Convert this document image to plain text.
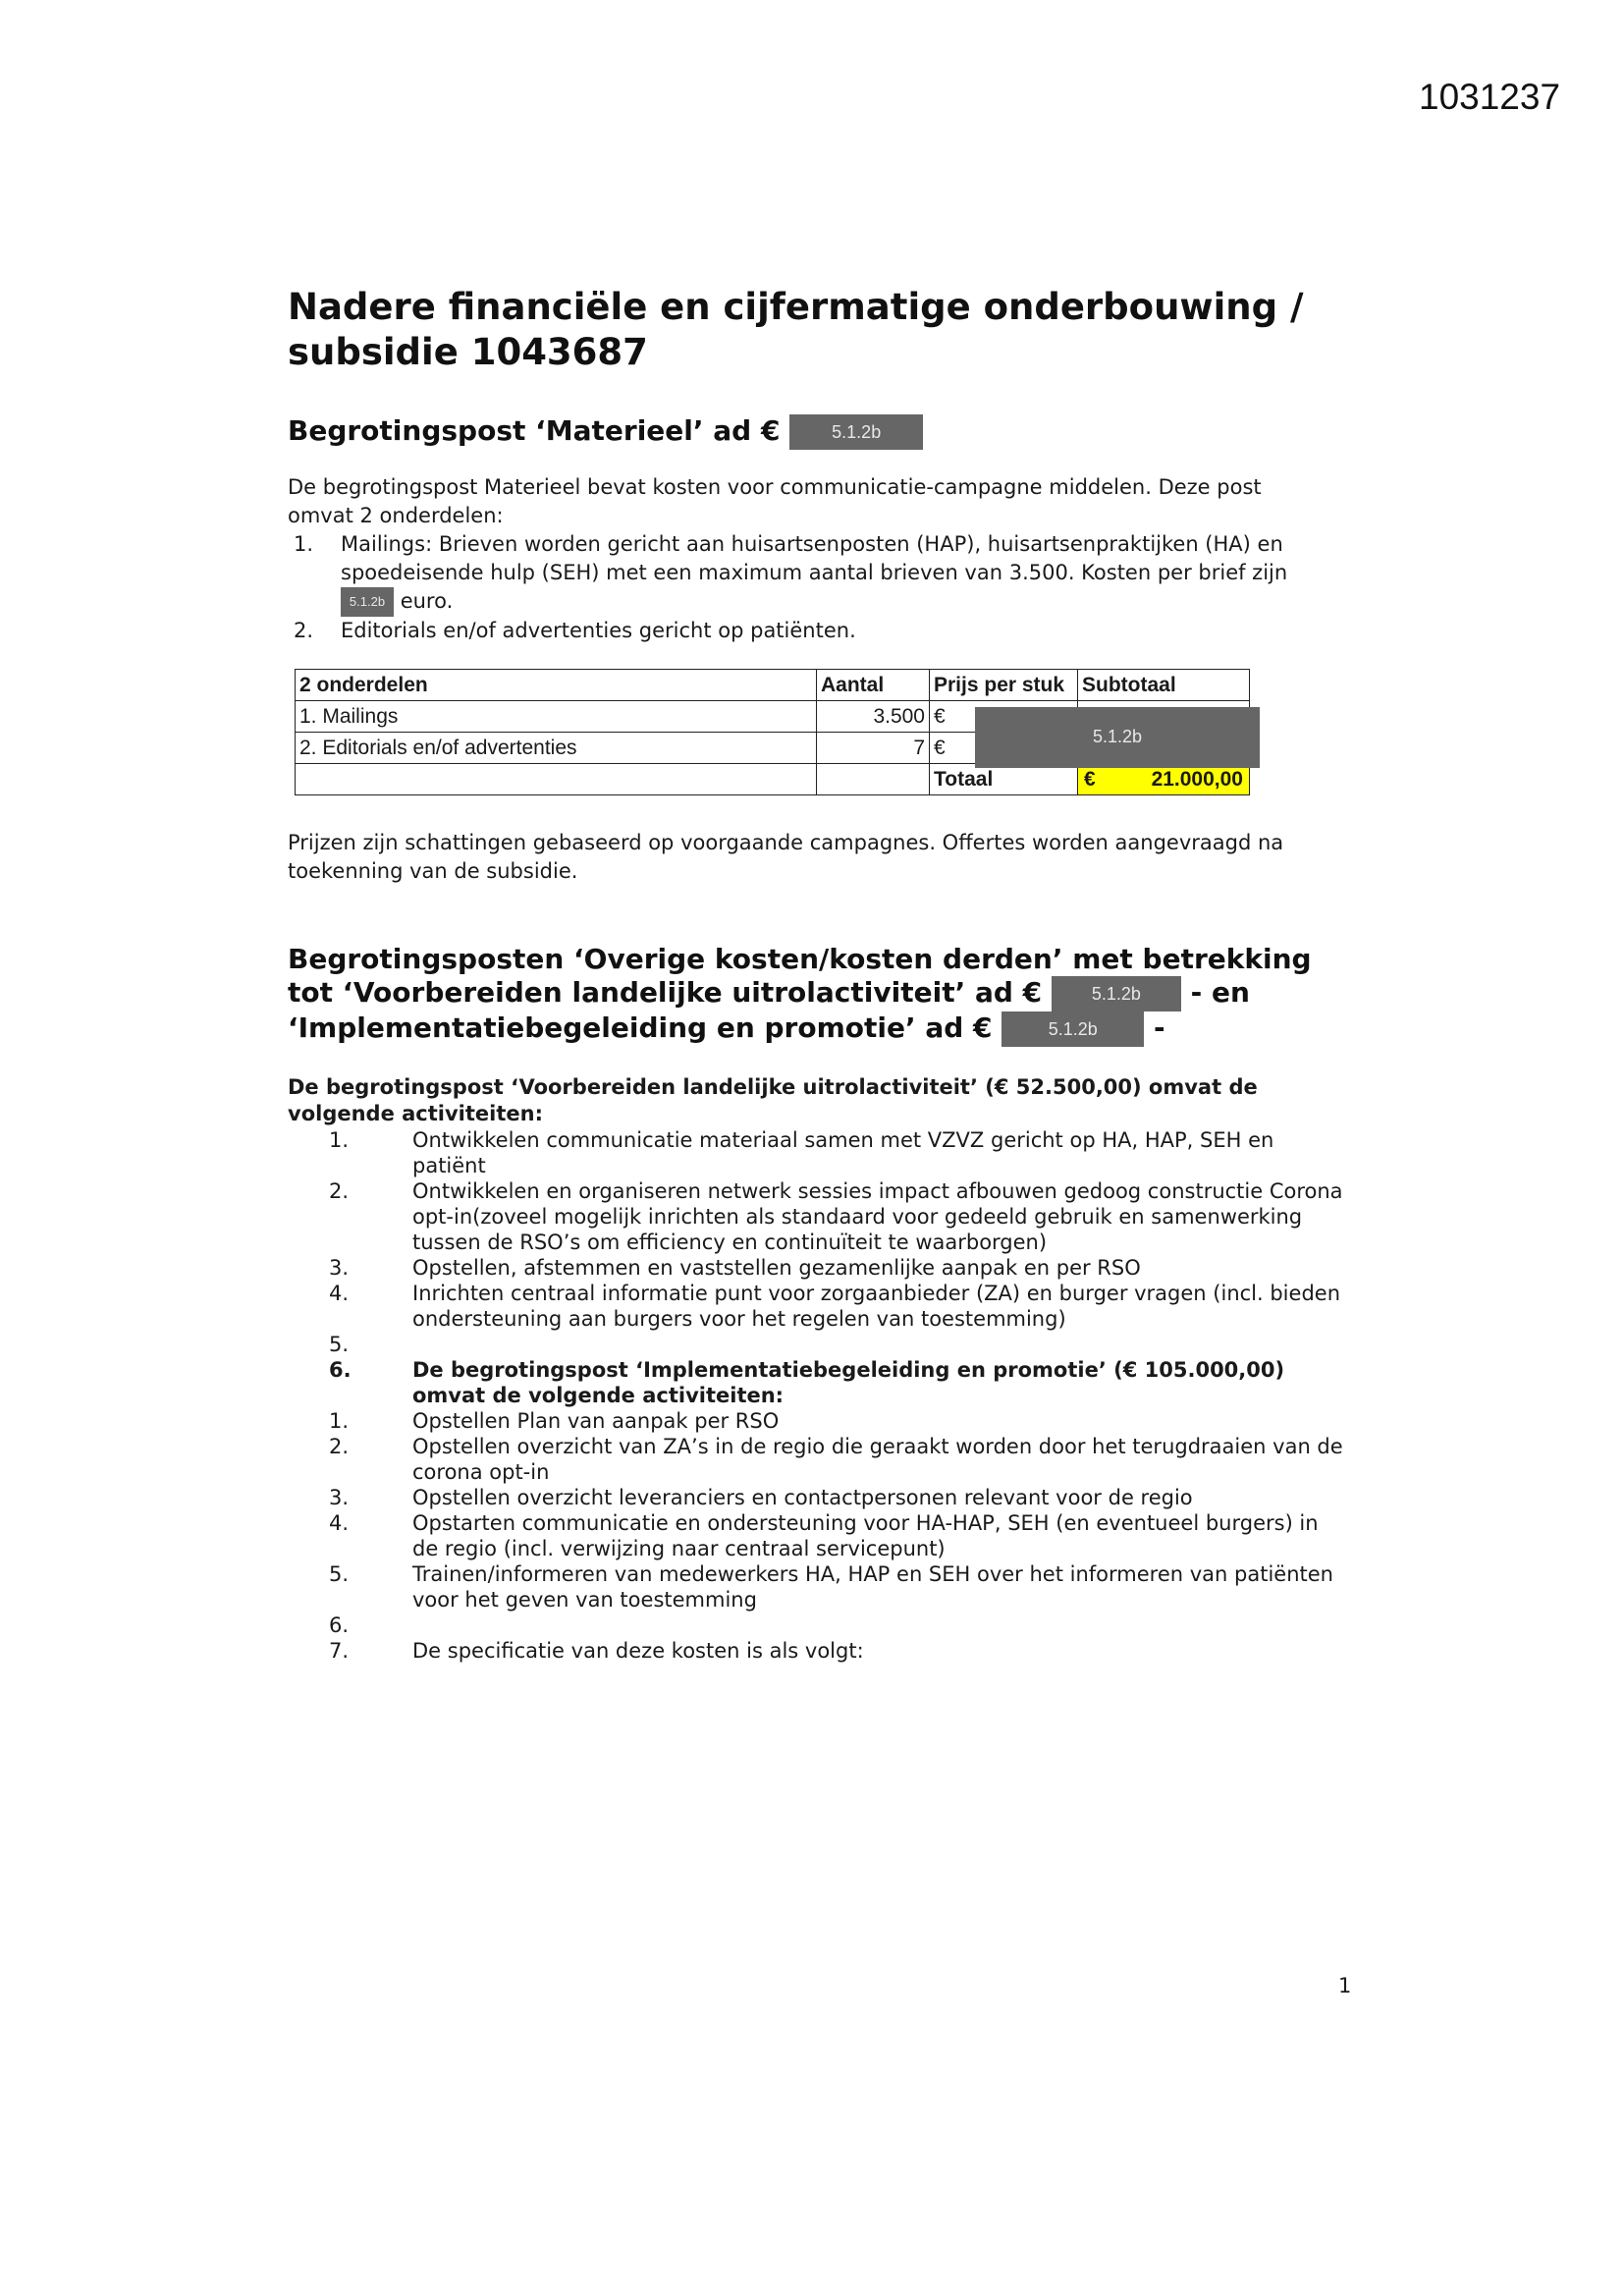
1031237
Nadere financiële en cijfermatige onderbouwing / subsidie 1043687
Begrotingspost ‘Materieel’ ad €	5.1.2b

De begrotingspost Materieel bevat kosten voor communicatie-campagne middelen. Deze post omvat 2 onderdelen:

1.	Mailings: Brieven worden gericht aan huisartsenposten (HAP), huisartsenpraktijken (HA) en spoedeisende hulp (SEH) met een maximum aantal brieven van 3.500. Kosten per brief zijn 5.1.2b euro.
2.	Editorials en/of advertenties gericht op patiënten.
2 onderdelen	Aantal	Prijs per stuk	Subtotaal
1. Mailings	3.500	€	
2. Editorials en/of advertenties	7	€	
		Totaal	€ 21.000,00
5.1.2b

Prijzen zijn schattingen gebaseerd op voorgaande campagnes. Offertes worden aangevraagd na toekenning van de subsidie.

Begrotingsposten ‘Overige kosten/kosten derden’ met betrekking tot ‘Voorbereiden landelijke uitrolactiviteit’ ad €	5.1.2b - en
‘Implementatiebegeleiding en promotie’ ad €	5.1.2b -

De begrotingspost ‘Voorbereiden landelijke uitrolactiviteit’ (€ 52.500,00) omvat de volgende activiteiten:

1.	Ontwikkelen communicatie materiaal samen met VZVZ gericht op HA, HAP, SEH en patiënt
2.	Ontwikkelen en organiseren netwerk sessies impact afbouwen gedoog constructie Corona opt-in(zoveel mogelijk inrichten als standaard voor gedeeld gebruik en samenwerking tussen de RSO’s om efficiency en continuïteit te waarborgen)
3.	Opstellen, afstemmen en vaststellen gezamenlijke aanpak en per RSO
4.	Inrichten centraal informatie punt voor zorgaanbieder (ZA) en burger vragen (incl. bieden ondersteuning aan burgers voor het regelen van toestemming)
5.
6.	De begrotingspost ‘Implementatiebegeleiding en promotie’ (€ 105.000,00) omvat de volgende activiteiten:
1.	Opstellen Plan van aanpak per RSO
2.	Opstellen overzicht van ZA’s in de regio die geraakt worden door het terugdraaien van de corona opt-in
3.	Opstellen overzicht leveranciers en contactpersonen relevant voor de regio
4.	Opstarten communicatie en ondersteuning voor HA-HAP, SEH (en eventueel burgers) in de regio (incl. verwijzing naar centraal servicepunt)
5.	Trainen/informeren van medewerkers HA, HAP en SEH over het informeren van patiënten voor het geven van toestemming
6.
7.	De specificatie van deze kosten is als volgt:
1
